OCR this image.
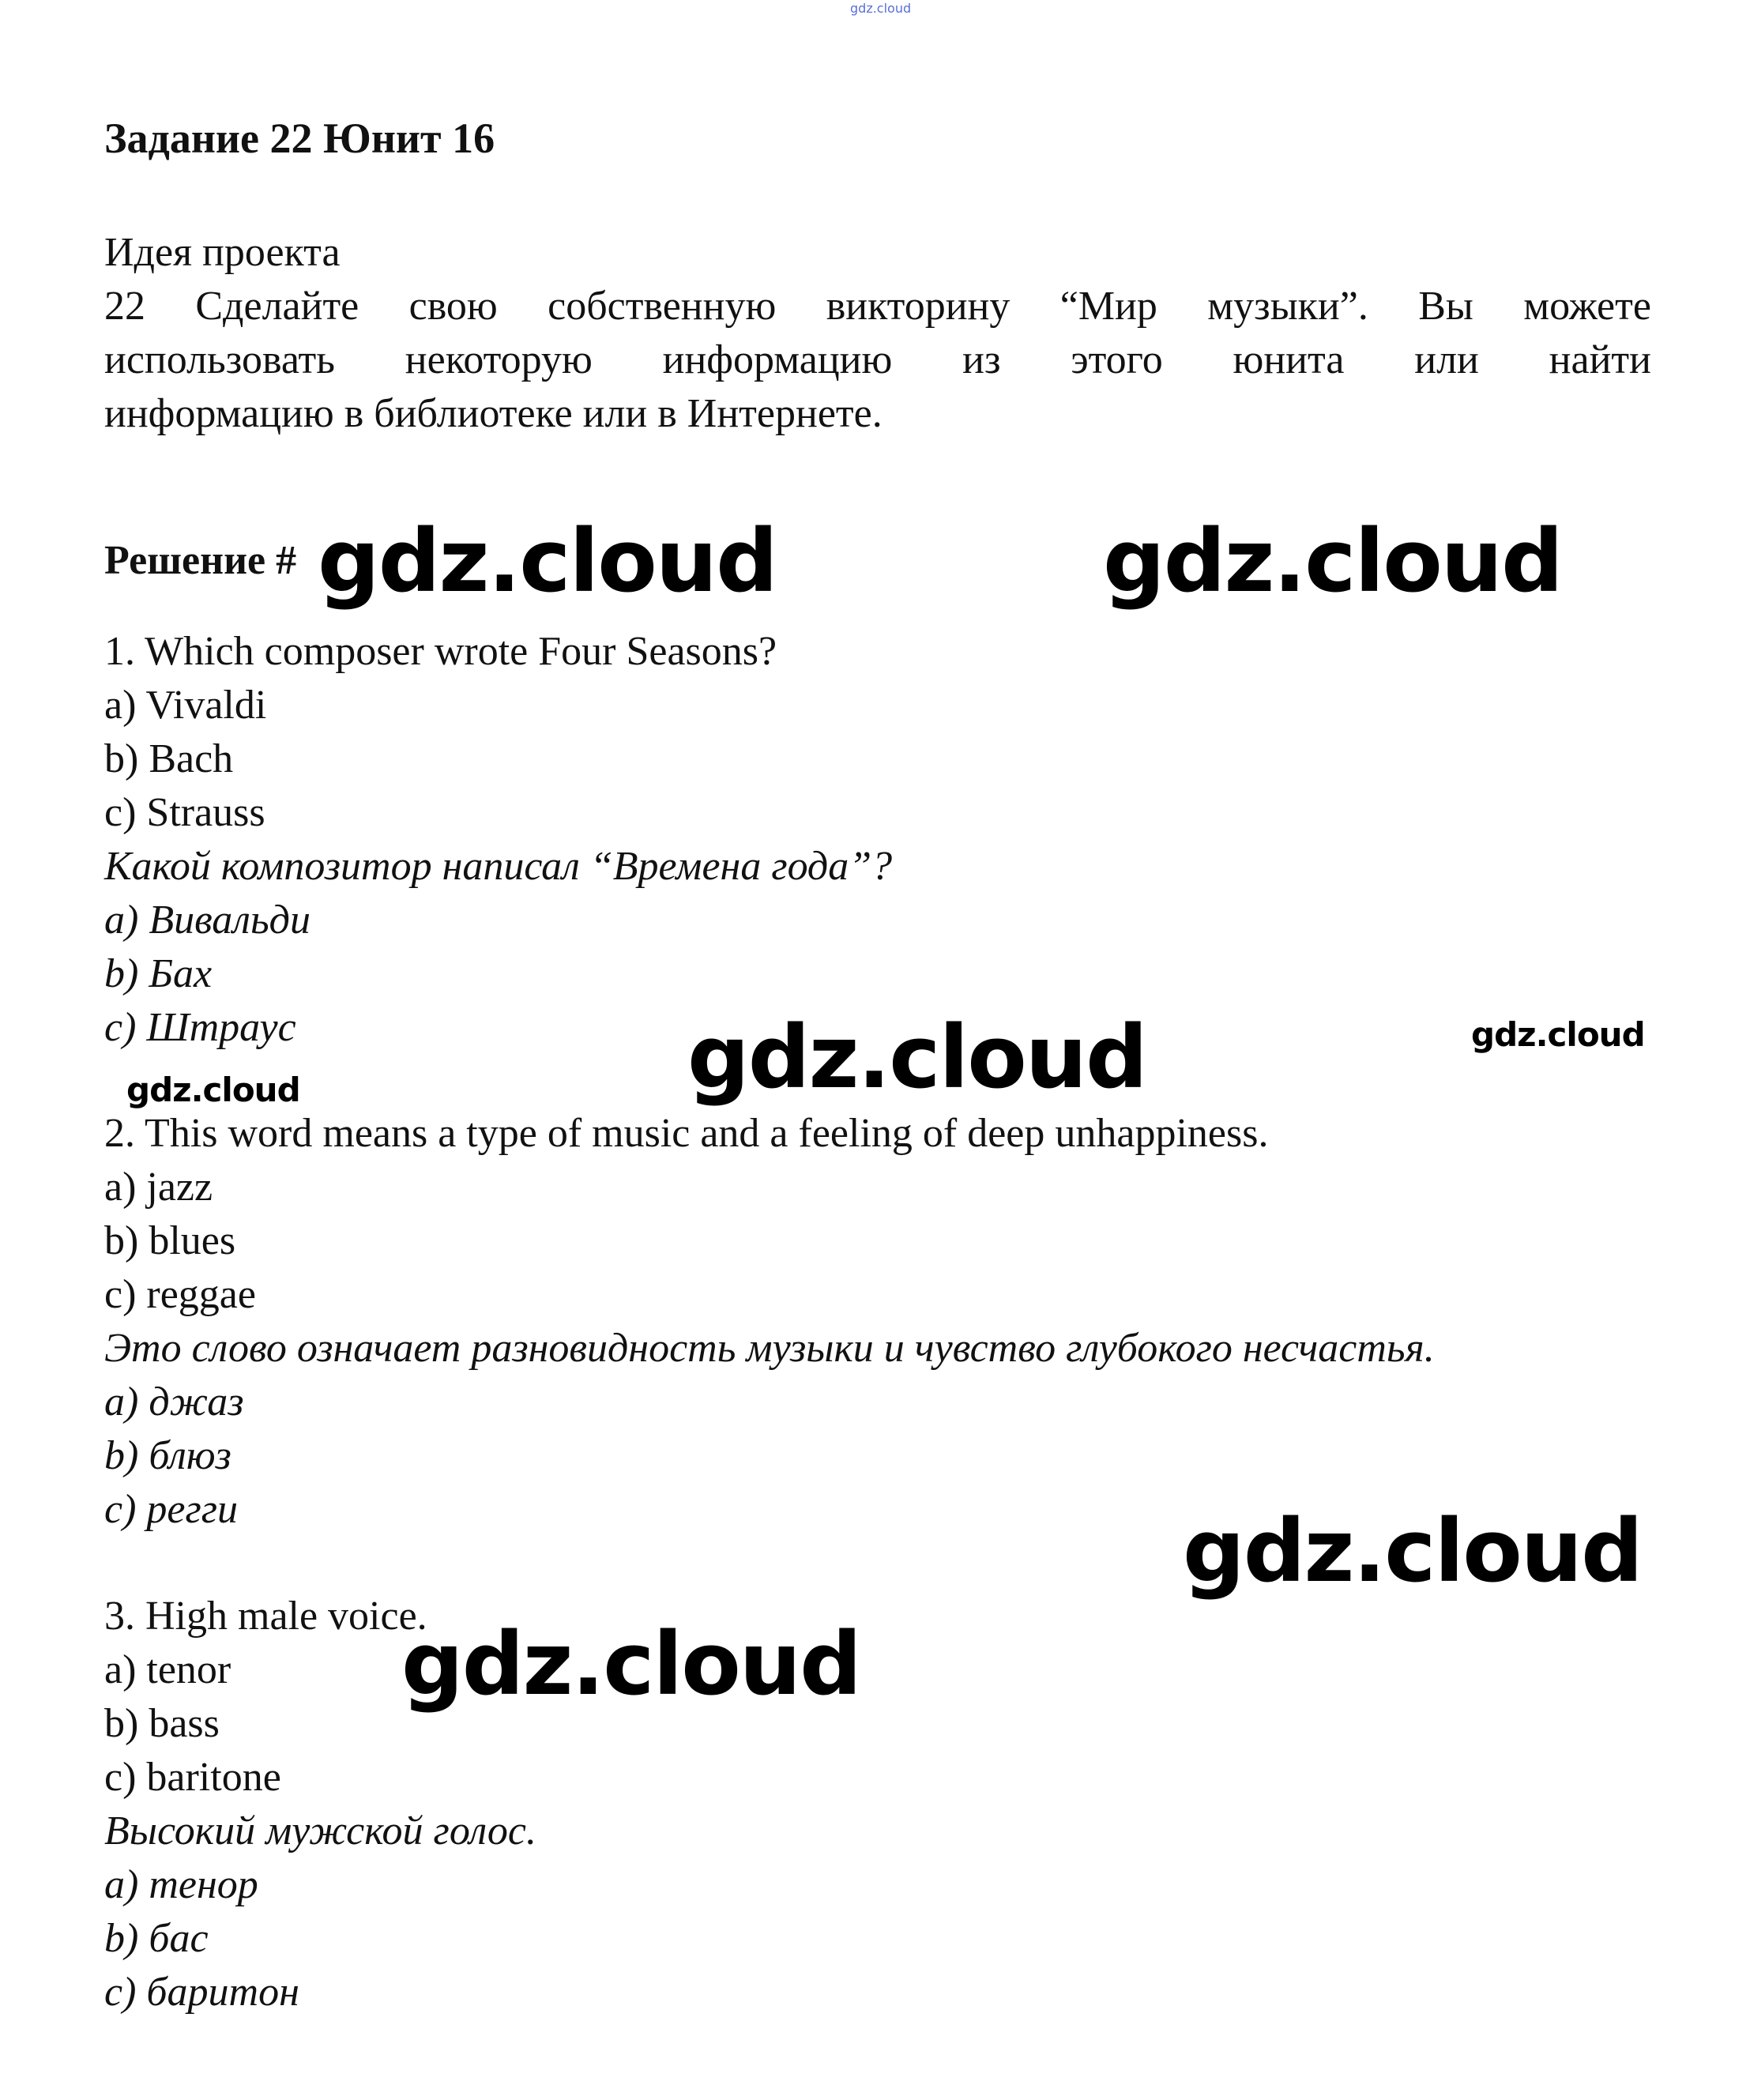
gdz.cloud
Задание 22 Юнит 16
Идея проекта
22 Сделайте свою собственную викторину “Мир музыки”. Вы можете
использовать некоторую информацию из этого юнита или найти
информацию в библиотеке или в Интернете.
Решение #
1. Which composer wrote Four Seasons?
a) Vivaldi
b) Bach
c) Strauss
Какой композитор написал “Времена года”?
a) Вивальди
b) Бах
c) Штраус
2. This word means a type of music and a feeling of deep unhappiness.
a) jazz
b) blues
c) reggae
Это слово означает разновидность музыки и чувство глубокого несчастья.
a) джаз
b) блюз
c) регги
3. High male voice.
a) tenor
b) bass
c) baritone
Высокий мужской голос.
a) тенор
b) бас
c) баритон
gdz.cloud	gdz.cloud
gdz.cloud	gdz.cloud
gdz.cloud
gdz.cloud
gdz.cloud
